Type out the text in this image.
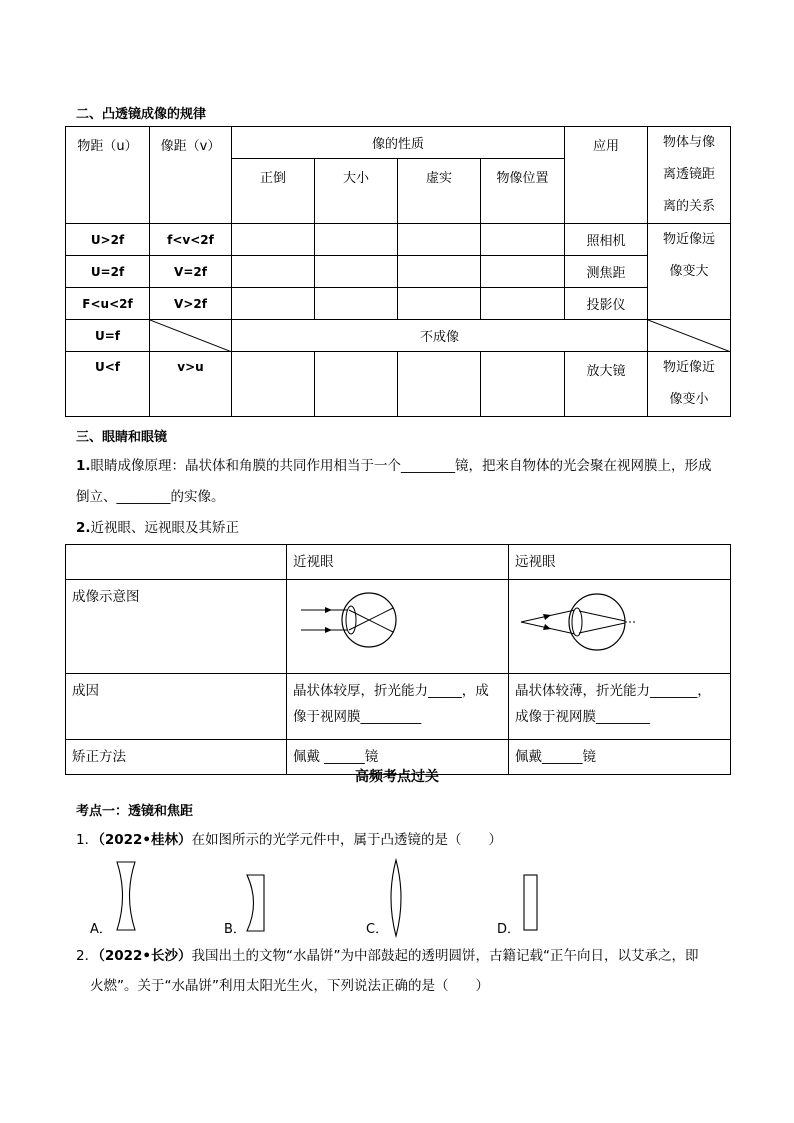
二、凸透镜成像的规律
物距（u）	像距（v）	像的性质				应用	物体与像
离透镜距
离的关系

		正倒	大小	虚实	物像位置		
U>2f	f<v<2f					照相机	物近像远
像变大

U=2f	V=2f					测焦距	
F<u<2f	V>2f					投影仪	
U=f		不成像	

U<f	v>u					放大镜	物近像近
像变小
三、眼睛和眼镜
1.眼睛成像原理：晶状体和角膜的共同作用相当于一个________镜，把来自物体的光会聚在视网膜上，形成
倒立、________的实像。
2.近视眼、远视眼及其矫正
	近视眼	远视眼
成像示意图		
成因	晶状体较厚，折光能力_____，成像于视网膜_________	晶状体较薄，折光能力_______，成像于视网膜________
矫正方法	佩戴 ______镜	佩戴______镜
高频考点过关
考点一：透镜和焦距
1．（2022•桂林）在如图所示的光学元件中，属于凸透镜的是（　　）
A．	B．	C．	D．
2．（2022•长沙）我国出土的文物“水晶饼”为中部鼓起的透明圆饼，古籍记载“正午向日，以艾承之，即
火燃”。关于“水晶饼”利用太阳光生火，下列说法正确的是（　　）
